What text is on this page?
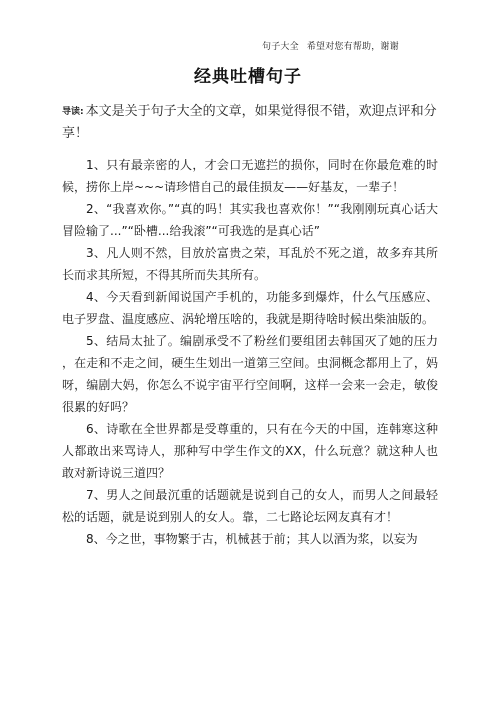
句子大全 希望对您有帮助，谢谢
经典吐槽句子
导读: 本文是关于句子大全的文章，如果觉得很不错，欢迎点评和分享！

1、只有最亲密的人，才会口无遮拦的损你，同时在你最危难的时候，捞你上岸~~~请珍惜自己的最佳损友——好基友，一辈子！

2、“我喜欢你。”“真的吗！其实我也喜欢你！”“我刚刚玩真心话大冒险输了...”“卧槽...给我滚”“可我选的是真心话”

3、凡人则不然，目放於富贵之荣，耳乱於不死之道，故多弃其所长而求其所短，不得其所而失其所有。

4、今天看到新闻说国产手机的，功能多到爆炸，什么气压感应、电子罗盘、温度感应、涡轮增压啥的，我就是期待啥时候出柴油版的。

5、结局太扯了。编剧承受不了粉丝们要组团去韩国灭了她的压力，在走和不走之间，硬生生划出一道第三空间。虫洞概念都用上了，妈呀，编剧大妈，你怎么不说宇宙平行空间啊，这样一会来一会走，敏俊很累的好吗？

6、诗歌在全世界都是受尊重的，只有在今天的中国，连韩寒这种人都敢出来骂诗人，那种写中学生作文的XX，什么玩意？就这种人也敢对新诗说三道四？

7、男人之间最沉重的话题就是说到自己的女人，而男人之间最轻松的话题，就是说到别人的女人。靠，二七路论坛网友真有才！

8、今之世，事物繁于古，机械甚于前；其人以酒为浆，以妄为
